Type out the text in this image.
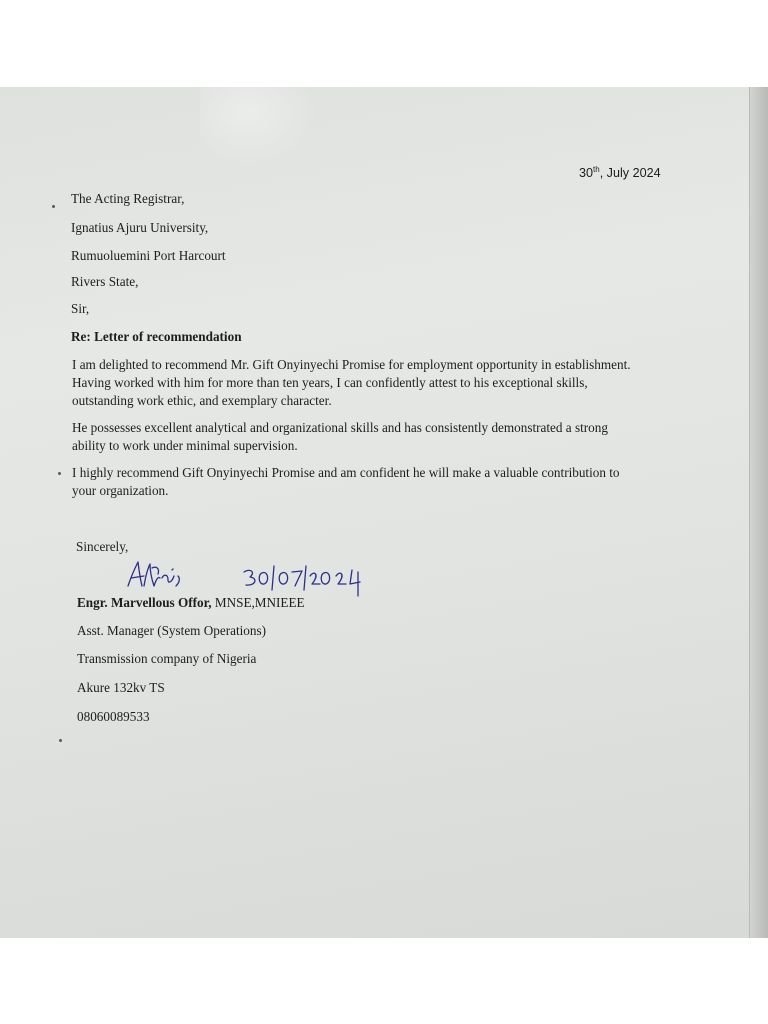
30th, July 2024
The Acting Registrar,
Ignatius Ajuru University,
Rumuoluemini Port Harcourt
Rivers State,
Sir,
Re: Letter of recommendation
I am delighted to recommend Mr. Gift Onyinyechi Promise for employment opportunity in establishment.
Having worked with him for more than ten years, I can confidently attest to his exceptional skills,
outstanding work ethic, and exemplary character.
He possesses excellent analytical and organizational skills and has consistently demonstrated a strong
ability to work under minimal supervision.
I highly recommend Gift Onyinyechi Promise and am confident he will make a valuable contribution to
your organization.
Sincerely,
Engr. Marvellous Offor, MNSE,MNIEEE
Asst. Manager (System Operations)
Transmission company of Nigeria
Akure 132kv TS
08060089533
